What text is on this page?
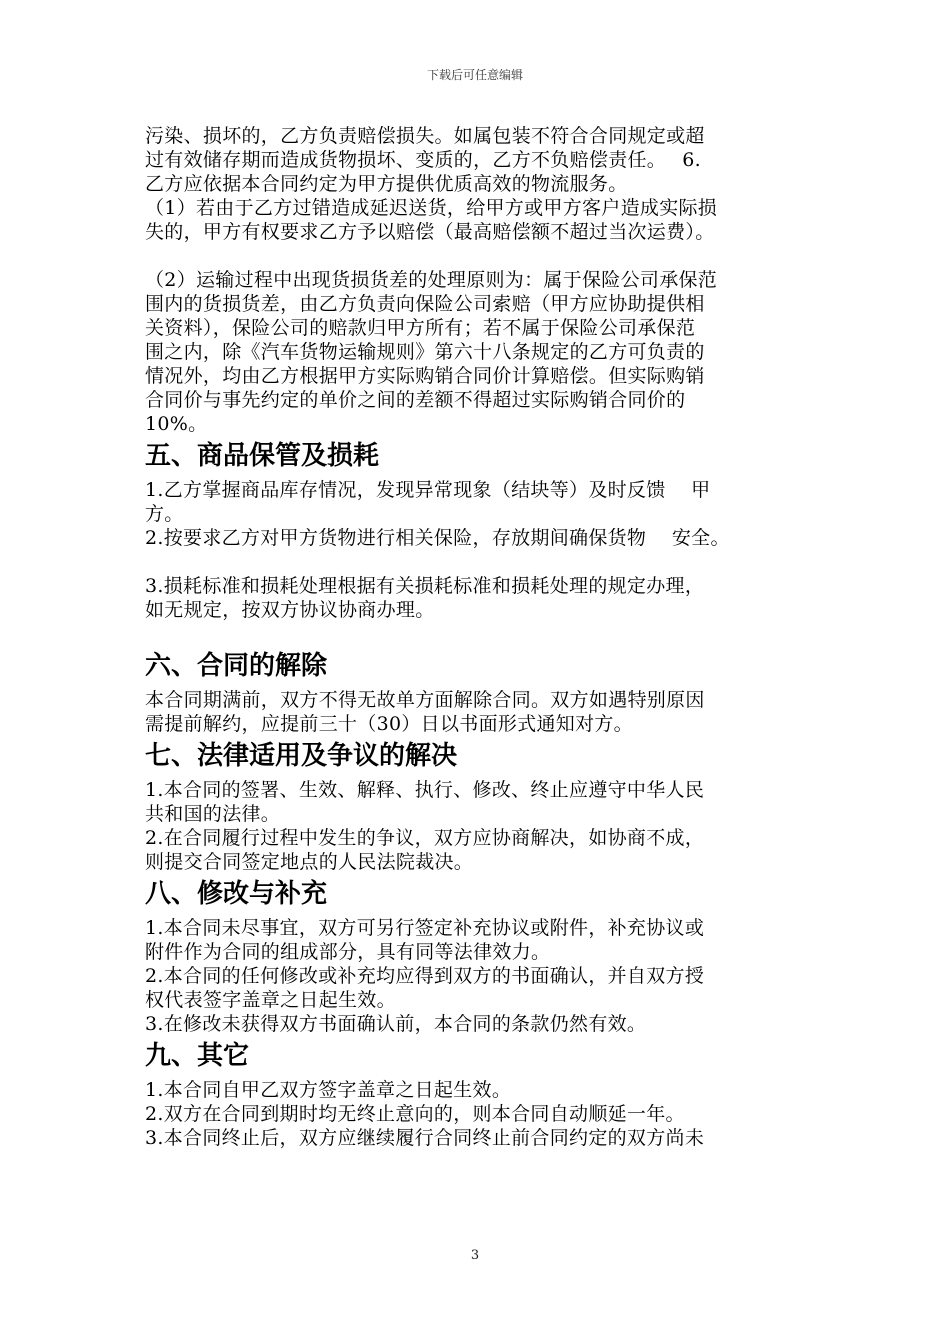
下载后可任意编辑

污染、损坏的，乙方负责赔偿损失。如属包装不符合合同规定或超

过有效储存期而造成货物损坏、变质的，乙方不负赔偿责任。　 6.

乙方应依据本合同约定为甲方提供优质高效的物流服务。

（1）若由于乙方过错造成延迟送货，给甲方或甲方客户造成实际损

失的，甲方有权要求乙方予以赔偿（最高赔偿额不超过当次运费）。

（2）运输过程中出现货损货差的处理原则为：属于保险公司承保范

围内的货损货差，由乙方负责向保险公司索赔（甲方应协助提供相

关资料），保险公司的赔款归甲方所有；若不属于保险公司承保范

围之内，除《汽车货物运输规则》第六十八条规定的乙方可负责的

情况外，均由乙方根据甲方实际购销合同价计算赔偿。但实际购销

合同价与事先约定的单价之间的差额不得超过实际购销合同价的

10%。

五、商品保管及损耗

1.乙方掌握商品库存情况，发现异常现象（结块等）及时反馈　 甲

方。

2.按要求乙方对甲方货物进行相关保险，存放期间确保货物　 安全。

3.损耗标准和损耗处理根据有关损耗标准和损耗处理的规定办理，

如无规定，按双方协议协商办理。

六、合同的解除

本合同期满前，双方不得无故单方面解除合同。双方如遇特别原因

需提前解约，应提前三十（30）日以书面形式通知对方。

七、法律适用及争议的解决

1.本合同的签署、生效、解释、执行、修改、终止应遵守中华人民

共和国的法律。

2.在合同履行过程中发生的争议，双方应协商解决，如协商不成，

则提交合同签定地点的人民法院裁决。

八、修改与补充

1.本合同未尽事宜，双方可另行签定补充协议或附件，补充协议或

附件作为合同的组成部分，具有同等法律效力。

2.本合同的任何修改或补充均应得到双方的书面确认，并自双方授

权代表签字盖章之日起生效。

3.在修改未获得双方书面确认前，本合同的条款仍然有效。

九、其它

1.本合同自甲乙双方签字盖章之日起生效。

2.双方在合同到期时均无终止意向的，则本合同自动顺延一年。

3.本合同终止后，双方应继续履行合同终止前合同约定的双方尚未

3
